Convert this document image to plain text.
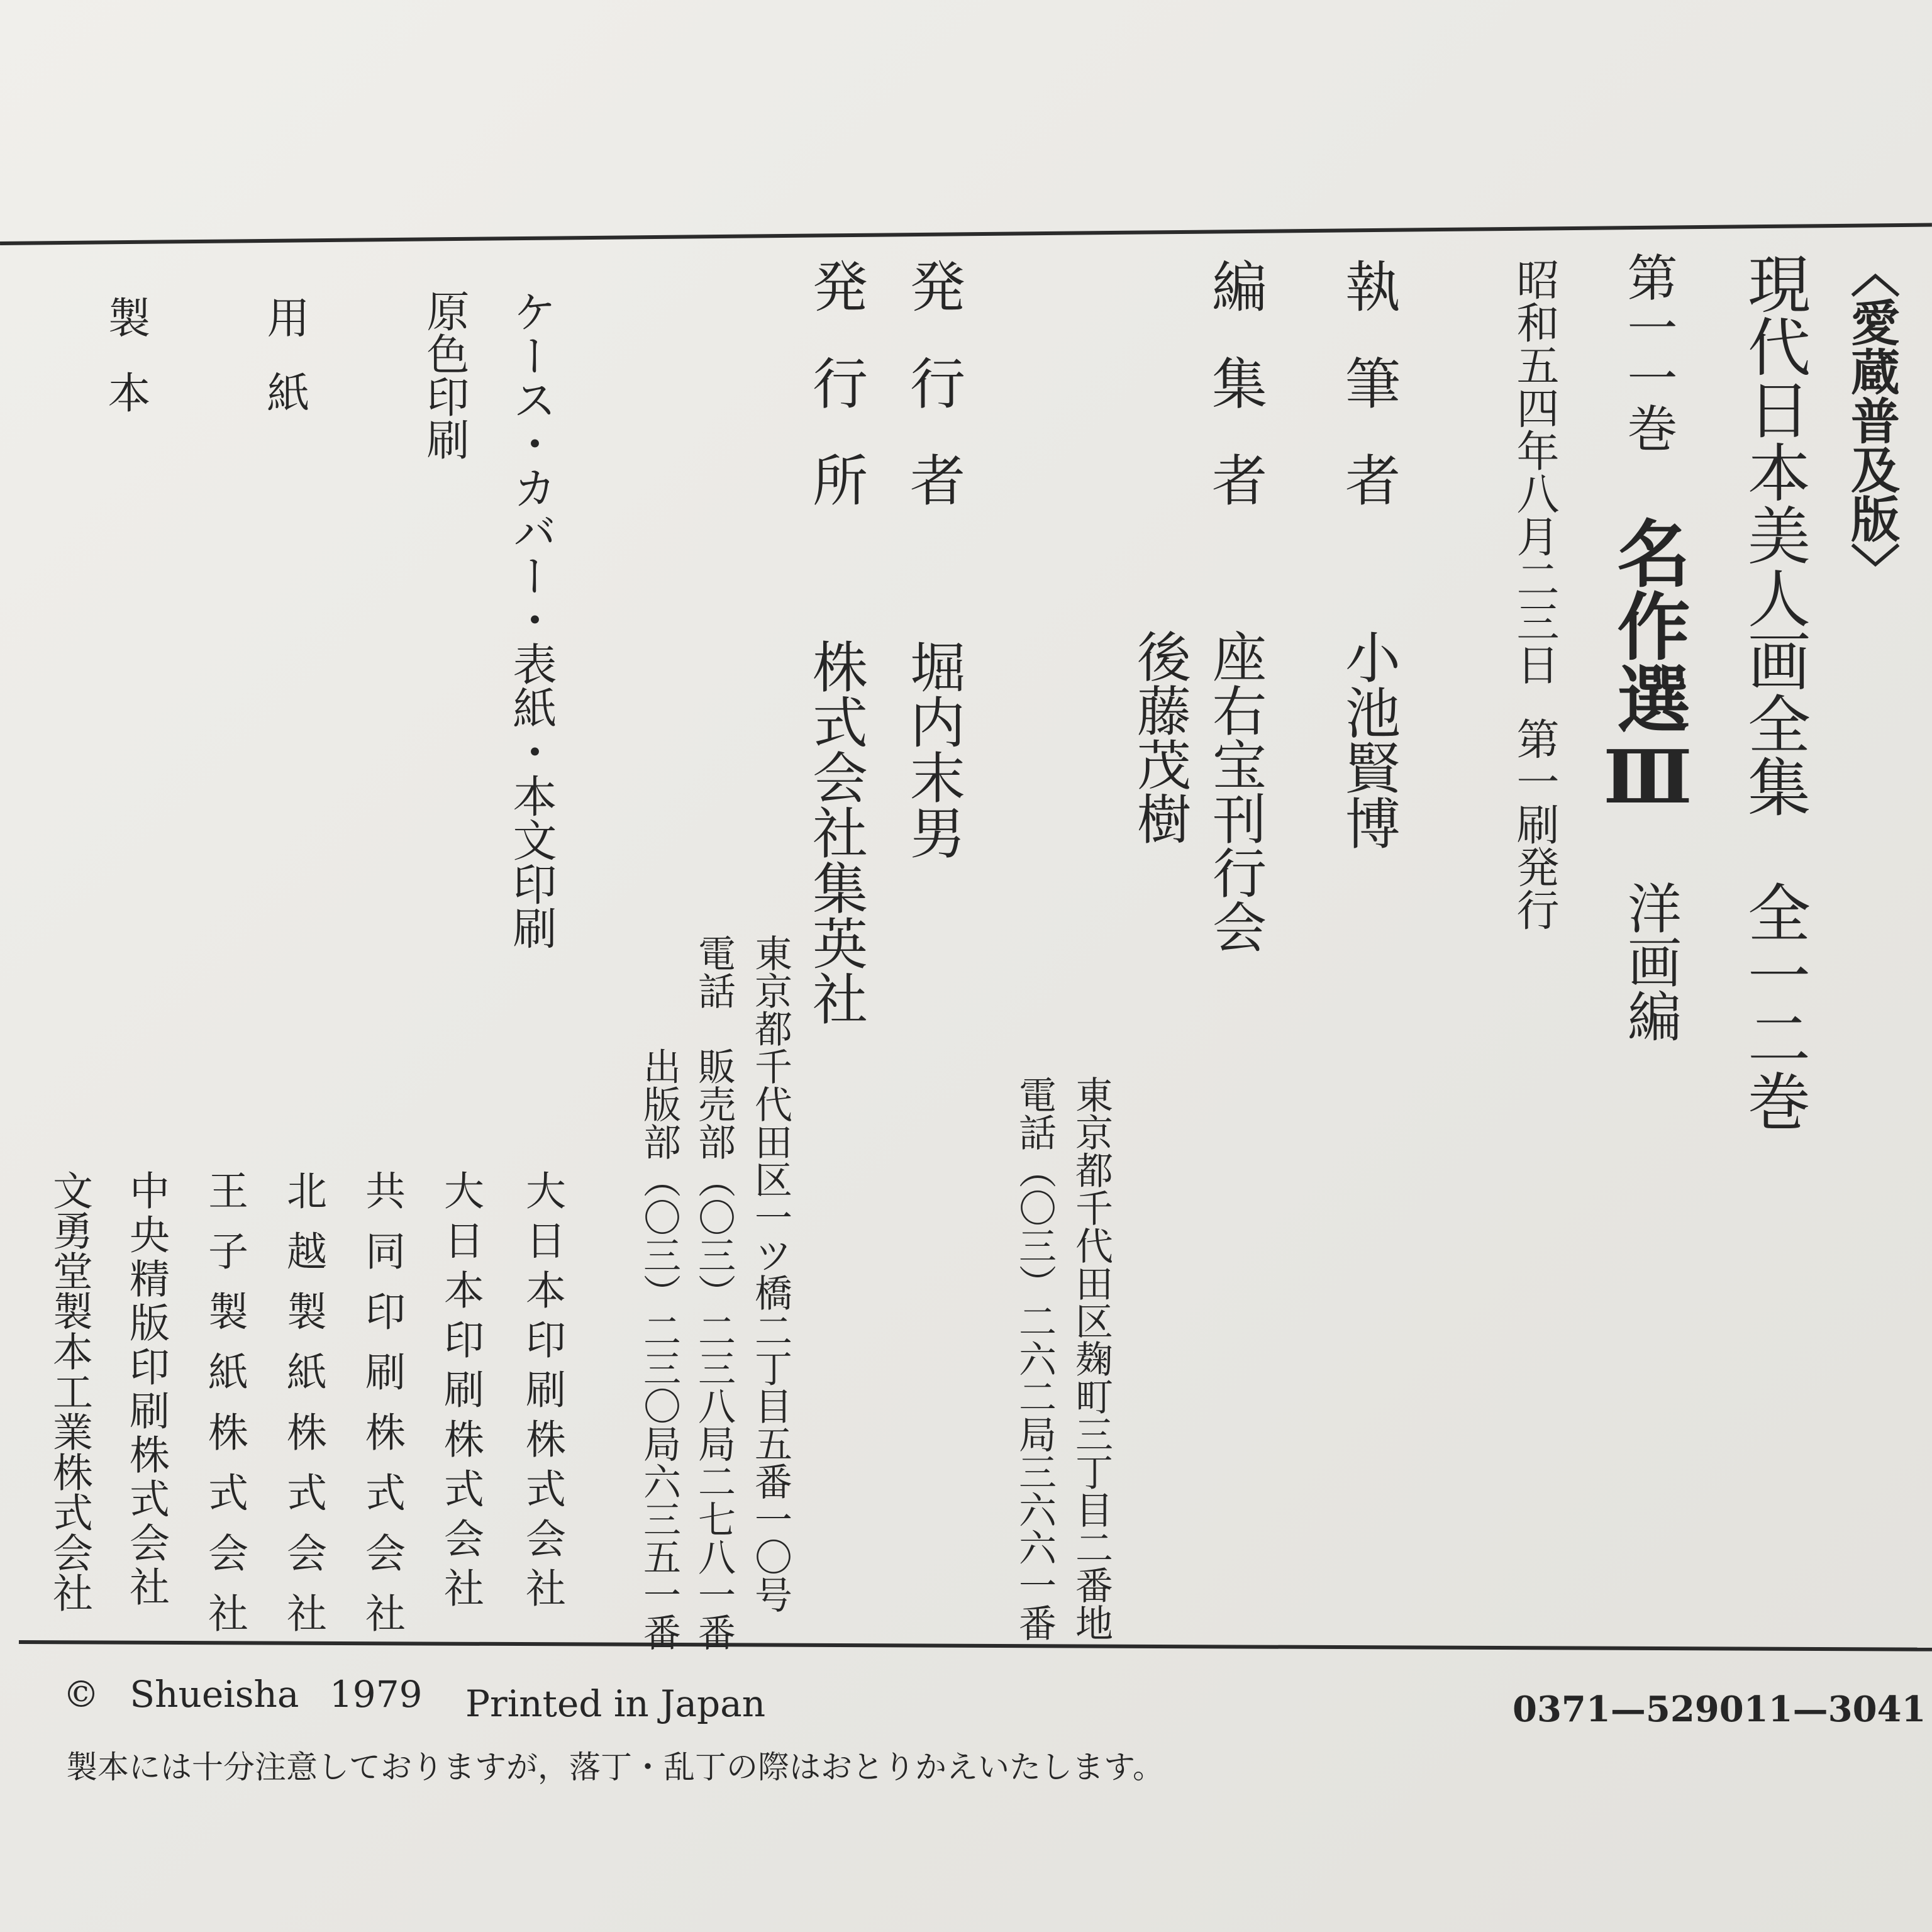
〈愛蔵普及版〉
現代日本美人画全集
全一二巻
第一一巻
名作選Ⅲ
洋画編
昭和五四年八月二三日
第一刷発行
執筆者
小池賢博
編集者
座右宝刊行会
後藤茂樹
東京都千代田区麹町三丁目二番地
電話（〇三）二六二局三六六一番
発行者
堀内末男
発行所
株式会社集英社
東京都千代田区一ツ橋二丁目五番一〇号
電話　販売部（〇三）二三八局二七八一番
出版部（〇三）二三〇局六三五一番
ケース・カバー・表紙・本文印刷
原色印刷
用紙
製本
大日本印刷株式会社
大日本印刷株式会社
共同印刷株式会社
北越製紙株式会社
王子製紙株式会社
中央精版印刷株式会社
文勇堂製本工業株式会社
© Shueisha 1979 Printed in Japan	0371—529011—3041
製本には十分注意しておりますが，落丁・乱丁の際はおとりかえいたします。
